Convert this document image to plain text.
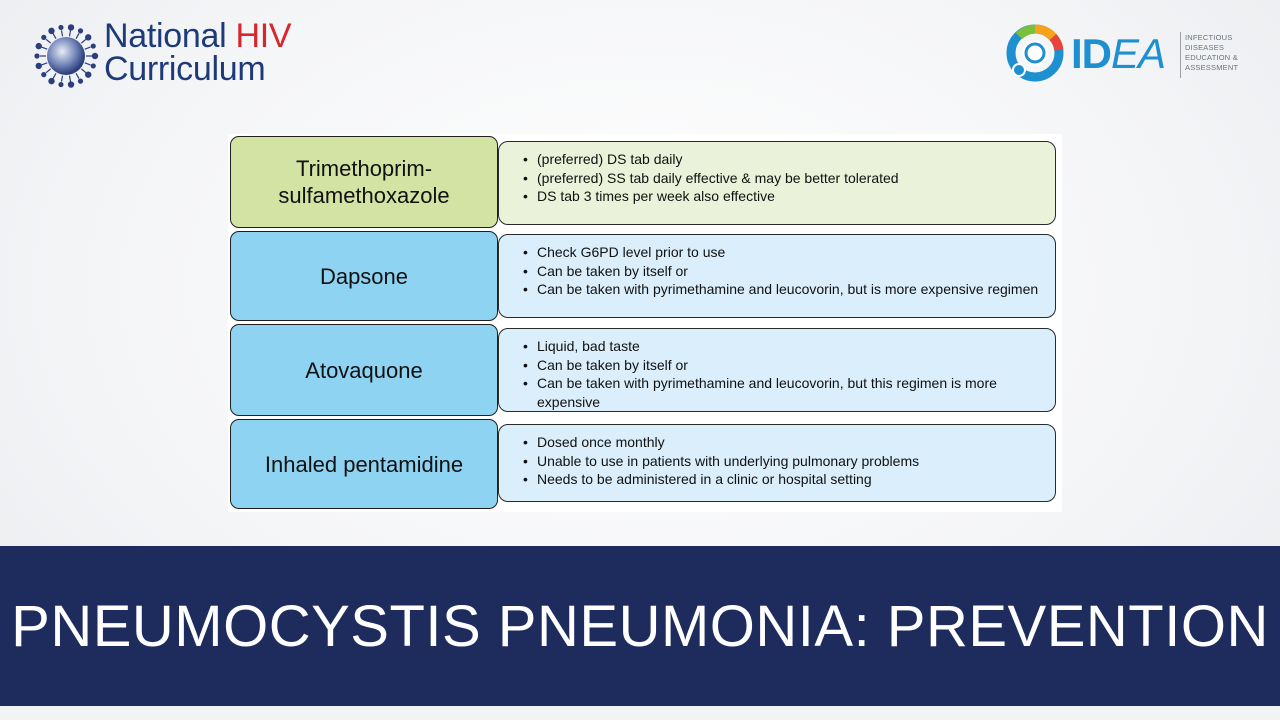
National HIV
Curriculum	IDEA	INFECTIOUS
DISEASES
EDUCATION &
ASSESSMENT
• (preferred) DS tab daily
• (preferred) SS tab daily effective & may be better tolerated
• DS tab 3 times per week also effective
Trimethoprim-
sulfamethoxazole
• Check G6PD level prior to use
• Can be taken by itself or
• Can be taken with pyrimethamine and leucovorin, but is more expensive regimen
Dapsone
• Liquid, bad taste
• Can be taken by itself or
• Can be taken with pyrimethamine and leucovorin, but this regimen is more expensive
Atovaquone
• Dosed once monthly
• Unable to use in patients with underlying pulmonary problems
• Needs to be administered in a clinic or hospital setting
Inhaled pentamidine
PNEUMOCYSTIS PNEUMONIA: PREVENTION
